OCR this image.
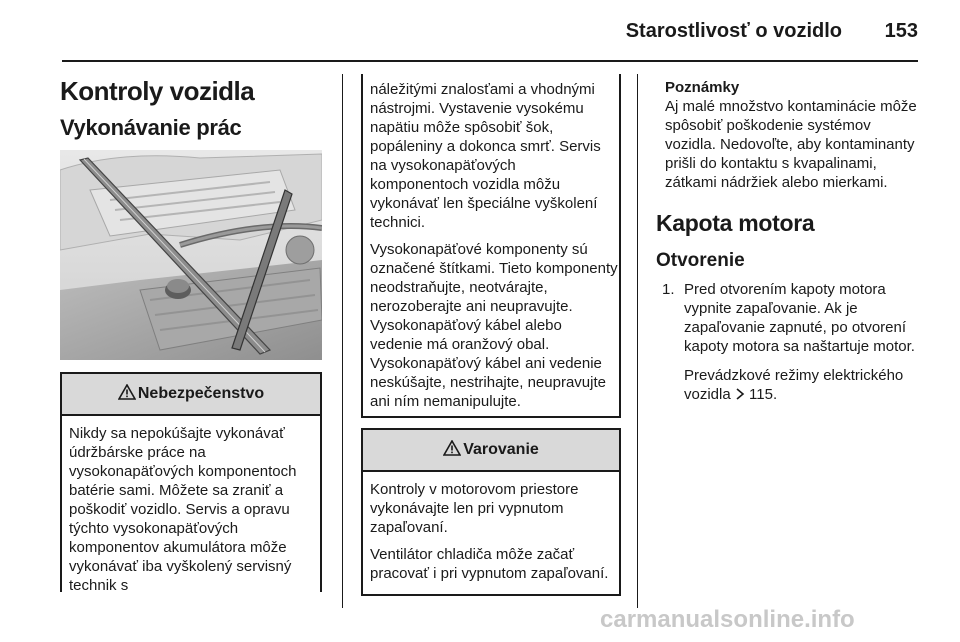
Starostlivosť o vozidlo 153
Kontroly vozidla
Vykonávanie prác
Nebezpečenstvo

Nikdy sa nepokúšajte vykonávať údržbárske práce na vysokonapäťových komponentoch batérie sami. Môžete sa zraniť a poškodiť vozidlo. Servis a opravu týchto vysokonapäťových komponentov akumulátora môže vykonávať iba vyškolený servisný technik s

náležitými znalosťami a vhodnými nástrojmi. Vystavenie vysokému napätiu môže spôsobiť šok, popáleniny a dokonca smrť. Servis na vysokonapäťových komponentoch vozidla môžu vykonávať len špeciálne vyškolení technici.

Vysokonapäťové komponenty sú označené štítkami. Tieto komponenty neodstraňujte, neotvárajte, nerozoberajte ani neupravujte. Vysokonapäťový kábel alebo vedenie má oranžový obal. Vysokonapäťový kábel ani vedenie neskúšajte, nestrihajte, neupravujte ani ním nemanipulujte.

Varovanie

Kontroly v motorovom priestore vykonávajte len pri vypnutom zapaľovaní.

Ventilátor chladiča môže začať pracovať i pri vypnutom zapaľovaní.

Poznámky
Aj malé množstvo kontaminácie môže spôsobiť poškodenie systémov vozidla. Nedovoľte, aby kontaminanty prišli do kontaktu s kvapalinami, zátkami nádržiek alebo mierkami.
Kapota motora
Otvorenie
1. Pred otvorením kapoty motora vypnite zapaľovanie. Ak je zapaľovanie zapnuté, po otvorení kapoty motora sa naštartuje motor.

Prevádzkové režimy elektrického vozidla 115.

carmanualsonline.info
